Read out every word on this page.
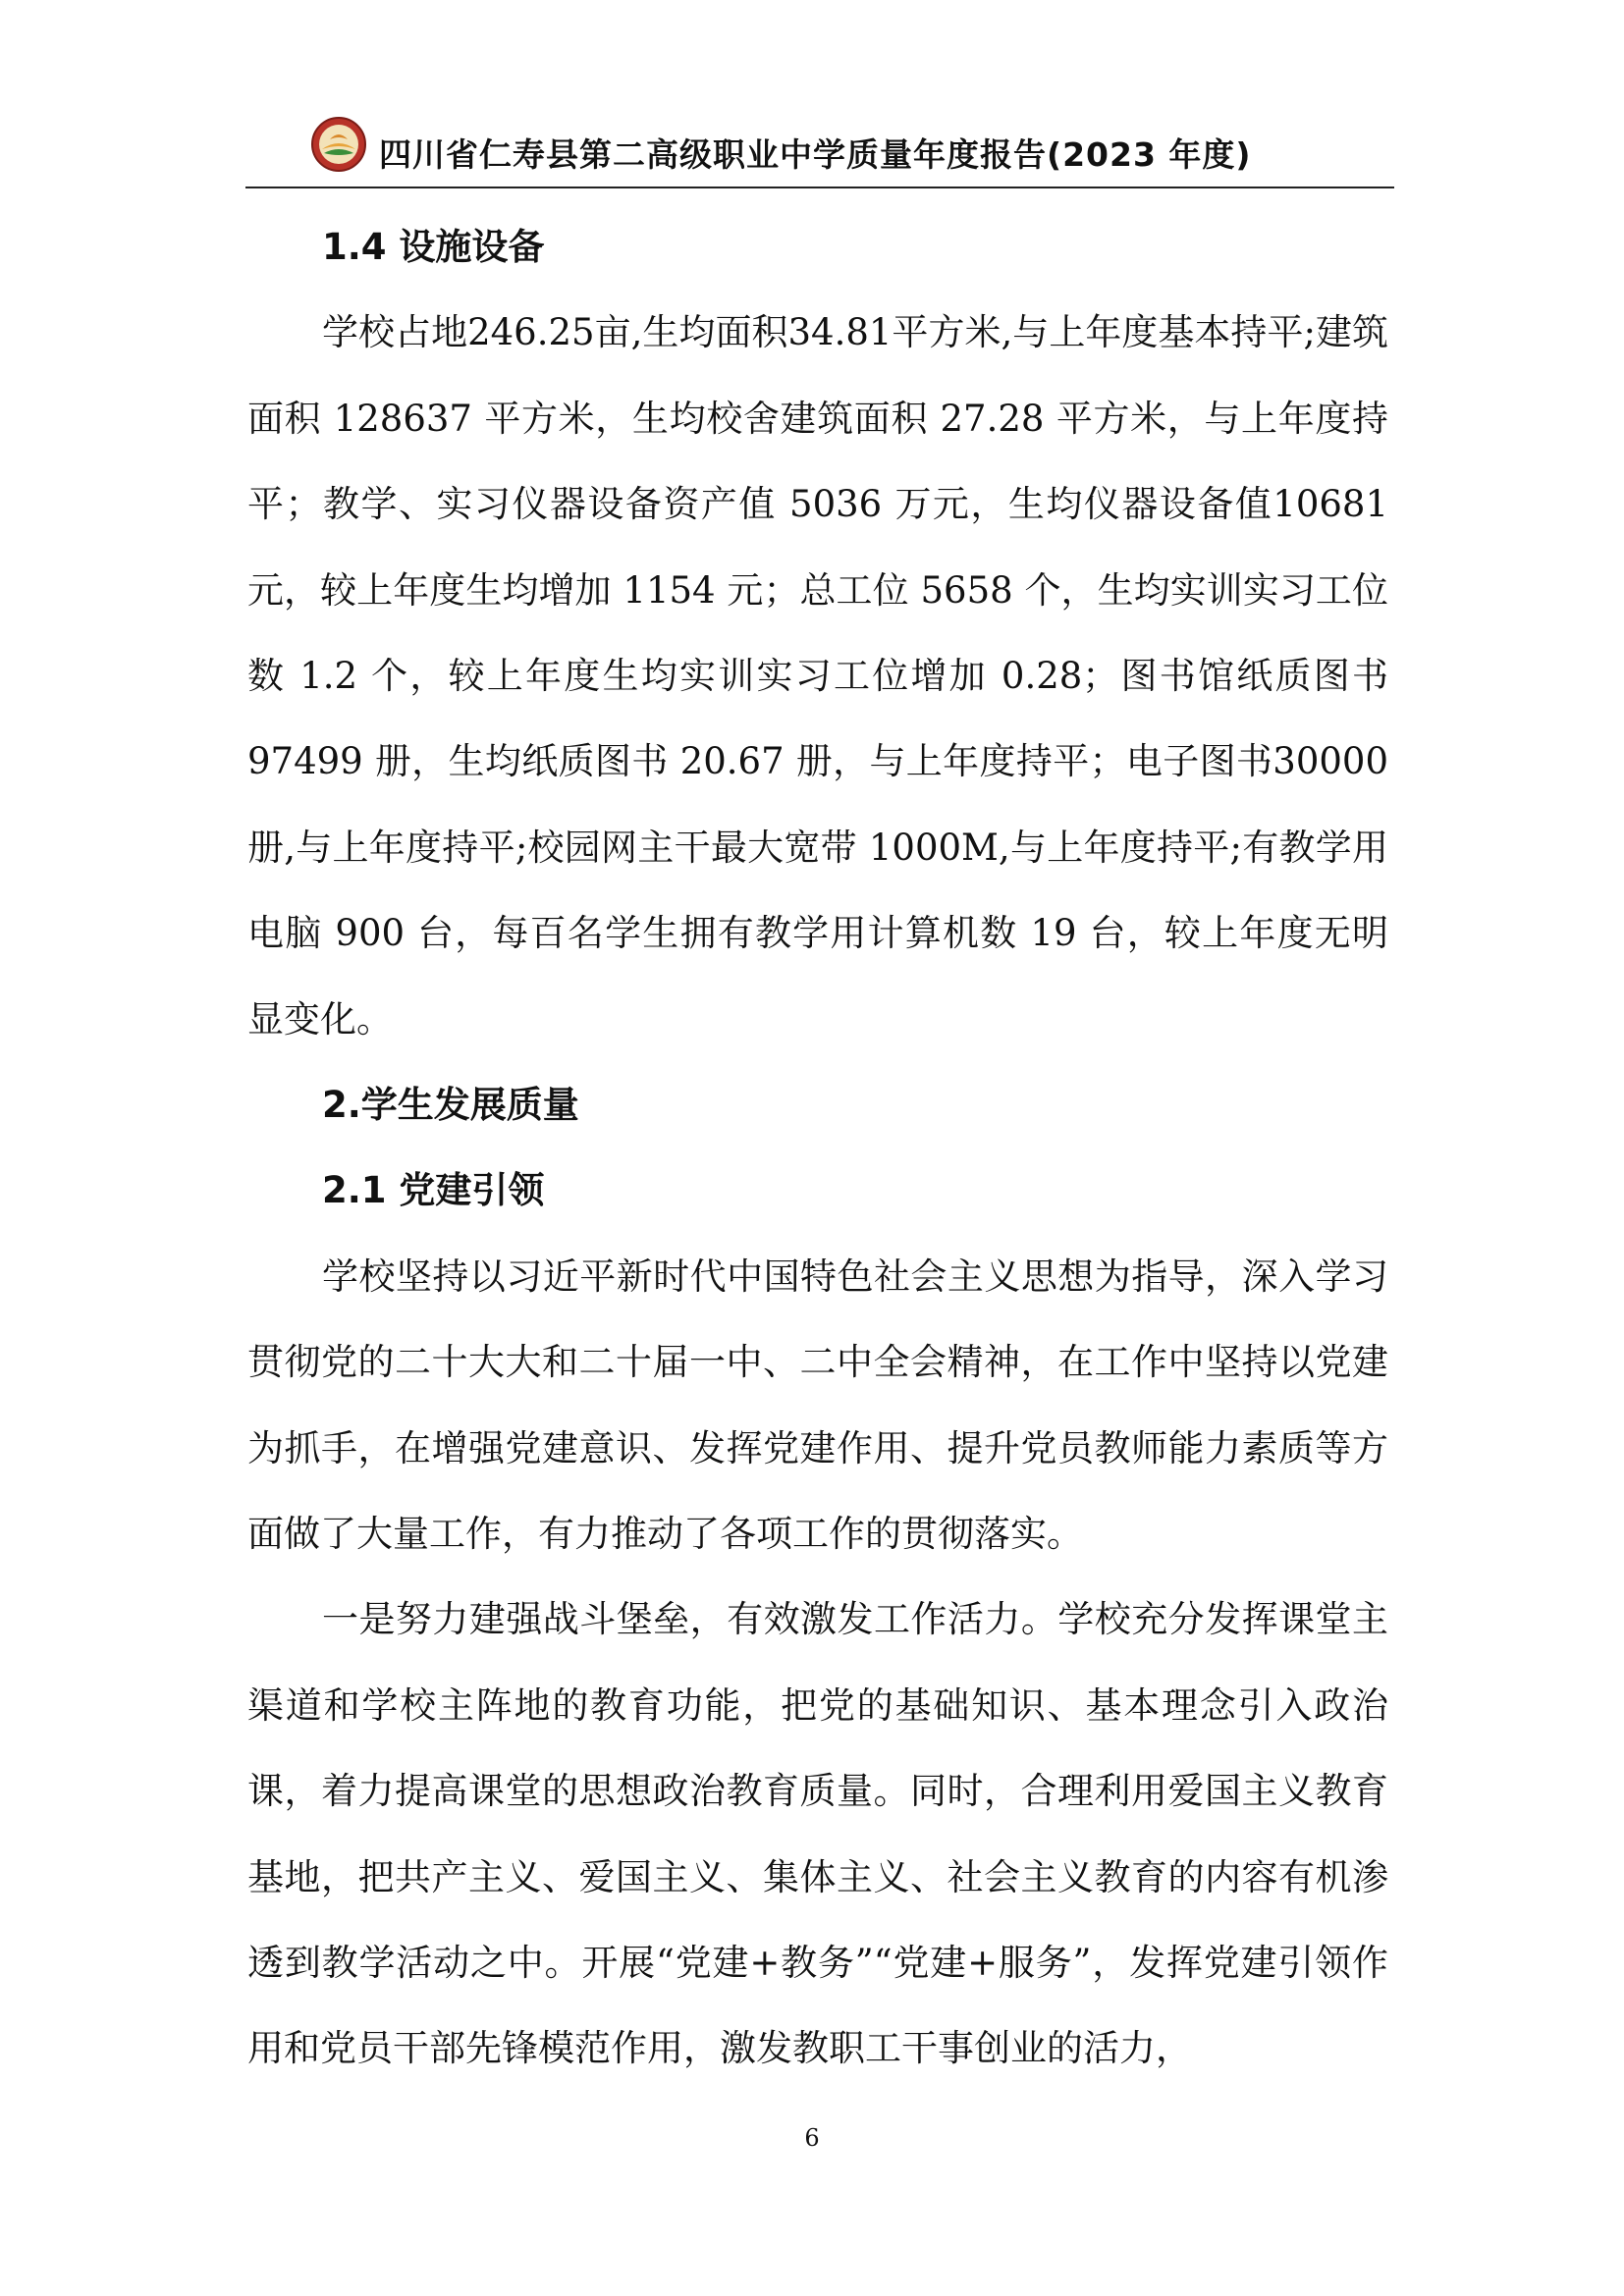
四川省仁寿县第二高级职业中学质量年度报告(2023 年度)
1.4 设施设备

学校占地246.25亩,生均面积34.81平方米,与上年度基本持平;建筑面积 128637 平方米，生均校舍建筑面积 27.28 平方米，与上年度持平；教学、实习仪器设备资产值 5036 万元，生均仪器设备值10681 元，较上年度生均增加 1154 元；总工位 5658 个，生均实训实习工位数 1.2 个，较上年度生均实训实习工位增加 0.28；图书馆纸质图书 97499 册，生均纸质图书 20.67 册，与上年度持平；电子图书30000 册,与上年度持平;校园网主干最大宽带 1000M,与上年度持平;有教学用电脑 900 台，每百名学生拥有教学用计算机数 19 台，较上年度无明显变化。

2.学生发展质量
2.1 党建引领

学校坚持以习近平新时代中国特色社会主义思想为指导，深入学习贯彻党的二十大大和二十届一中、二中全会精神，在工作中坚持以党建为抓手，在增强党建意识、发挥党建作用、提升党员教师能力素质等方面做了大量工作，有力推动了各项工作的贯彻落实。

一是努力建强战斗堡垒，有效激发工作活力。学校充分发挥课堂主渠道和学校主阵地的教育功能，把党的基础知识、基本理念引入政治课，着力提高课堂的思想政治教育质量。同时，合理利用爱国主义教育基地，把共产主义、爱国主义、集体主义、社会主义教育的内容有机渗透到教学活动之中。开展“党建+教务”“党建+服务”，发挥党建引领作用和党员干部先锋模范作用，激发教职工干事创业的活力，

6
